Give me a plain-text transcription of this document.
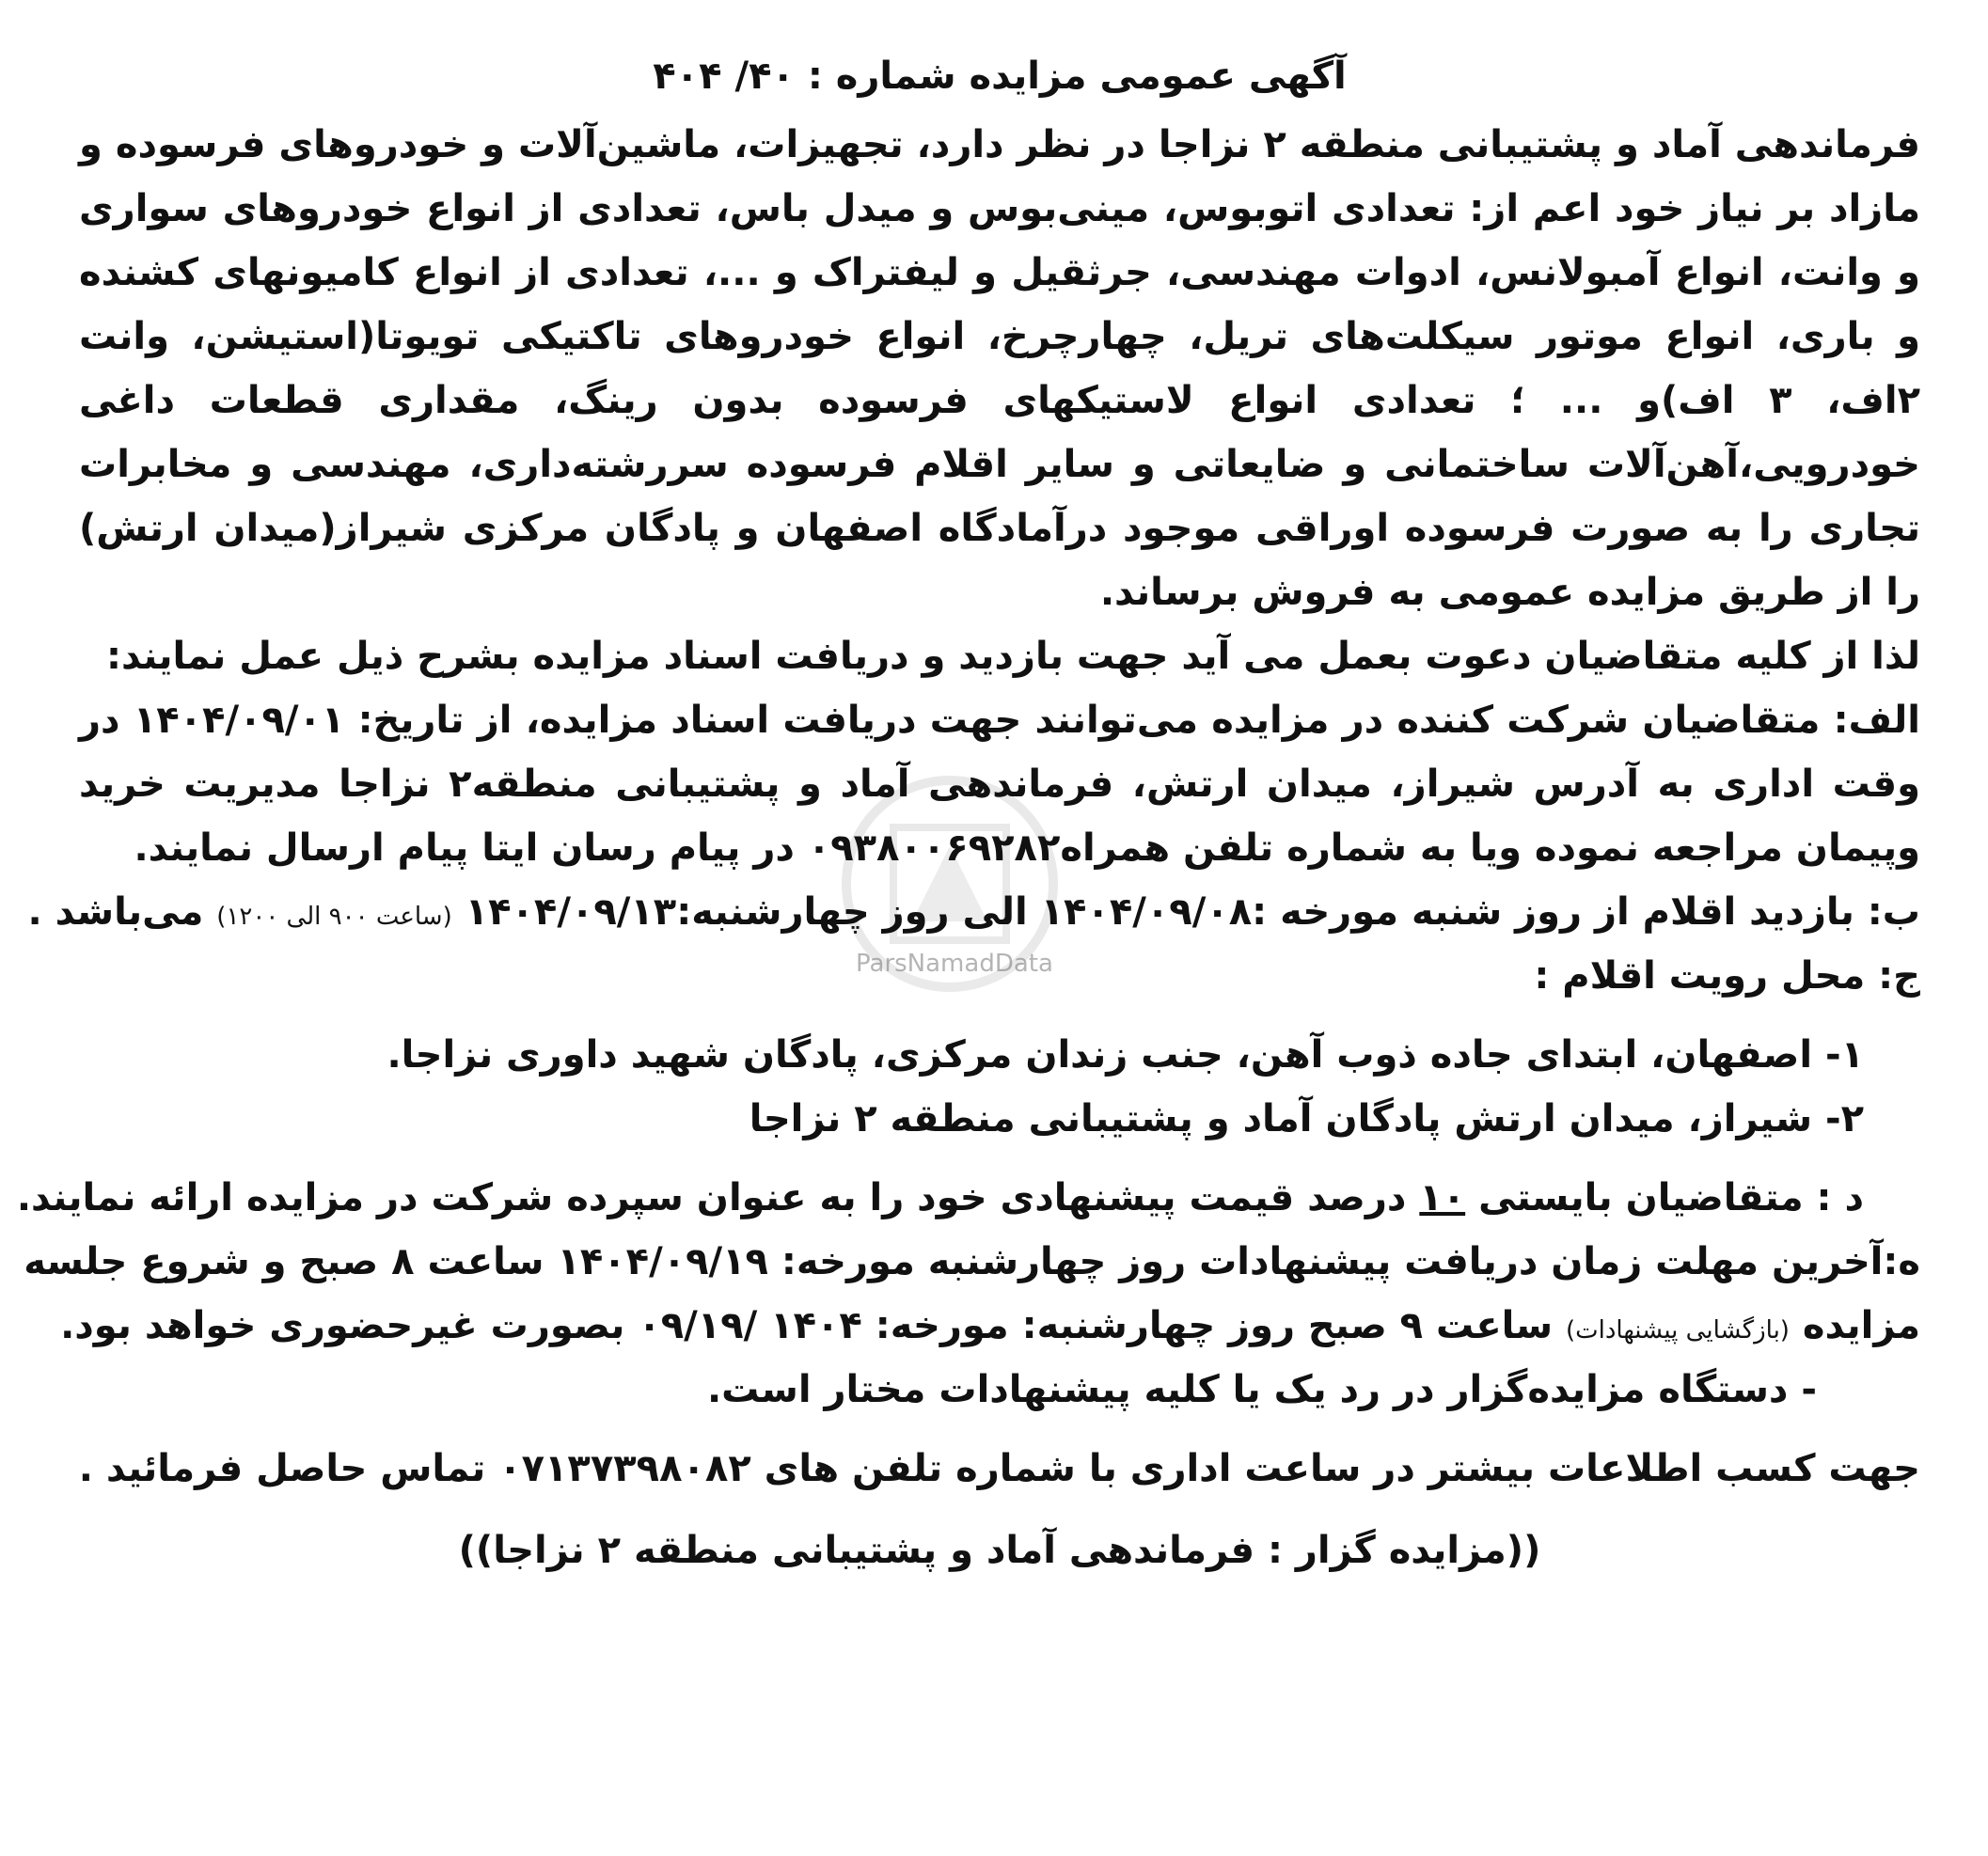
ParsNamadData
آگهی عمومی مزایده شماره : ۴۰/ ۴۰۴
فرماندهی آماد و پشتیبانی منطقه ۲ نزاجا در نظر دارد، تجهیزات، ماشین‌آلات و خودروهای فرسوده و مازاد بر نیاز خود اعم از: تعدادی اتوبوس، مینی‌بوس و میدل باس، تعدادی از انواع خودروهای سواری و وانت، انواع آمبولانس، ادوات مهندسی، جرثقیل و لیفتراک و ...، تعدادی از انواع کامیونهای کشنده و باری، انواع موتور سیکلت‌های تریل، چهارچرخ، انواع خودروهای تاکتیکی تویوتا(استیشن، وانت ۲اف، ۳ اف)و ... ؛ تعدادی انواع لاستیکهای فرسوده بدون رینگ، مقداری قطعات داغی خودرویی،آهن‌آلات ساختمانی و ضایعاتی و سایر اقلام فرسوده سررشته‌داری، مهندسی و مخابرات تجاری را به صورت فرسوده اوراقی موجود درآمادگاه اصفهان و پادگان مرکزی شیراز(میدان ارتش) را از طریق مزایده عمومی به فروش برساند.
لذا از کلیه متقاضیان دعوت بعمل می آید جهت بازدید و دریافت اسناد مزایده بشرح ذیل عمل نمایند:
الف: متقاضیان شرکت کننده در مزایده می‌توانند جهت دریافت اسناد مزایده، از تاریخ: ۱۴۰۴/۰۹/۰۱ در وقت اداری به آدرس شیراز، میدان ارتش، فرماندهی آماد و پشتیبانی منطقه۲ نزاجا مدیریت خرید وپیمان مراجعه نموده ویا به شماره تلفن همراه۰۹۳۸۰۰۶۹۲۸۲ در پیام رسان ایتا پیام ارسال نمایند.
ب: بازدید اقلام از روز شنبه مورخه :۱۴۰۴/۰۹/۰۸ الی روز چهارشنبه:۱۴۰۴/۰۹/۱۳ (ساعت ۹۰۰ الی ۱۲۰۰) می‌باشد .
ج: محل رویت اقلام :
۱- اصفهان، ابتدای جاده ذوب آهن، جنب زندان مرکزی، پادگان شهید داوری نزاجا.
۲- شیراز، میدان ارتش پادگان آماد و پشتیبانی منطقه ۲ نزاجا
د : متقاضیان بایستی ۱۰ درصد قیمت پیشنهادی خود را به عنوان سپرده شرکت در مزایده ارائه نمایند.
ه:آخرین مهلت زمان دریافت پیشنهادات روز چهارشنبه مورخه: ۱۴۰۴/۰۹/۱۹ ساعت ۸ صبح و شروع جلسه
مزایده (بازگشایی پیشنهادات) ساعت ۹ صبح روز چهارشنبه: مورخه: ۱۴۰۴ /۰۹/۱۹ بصورت غیرحضوری خواهد بود.
- دستگاه مزایده‌گزار در رد یک یا کلیه پیشنهادات مختار است.
جهت کسب اطلاعات بیشتر در ساعت اداری با شماره تلفن های ۰۷۱۳۷۳۹۸۰۸۲ تماس حاصل فرمائید .
((مزایده گزار : فرماندهی آماد و پشتیبانی منطقه ۲ نزاجا))
